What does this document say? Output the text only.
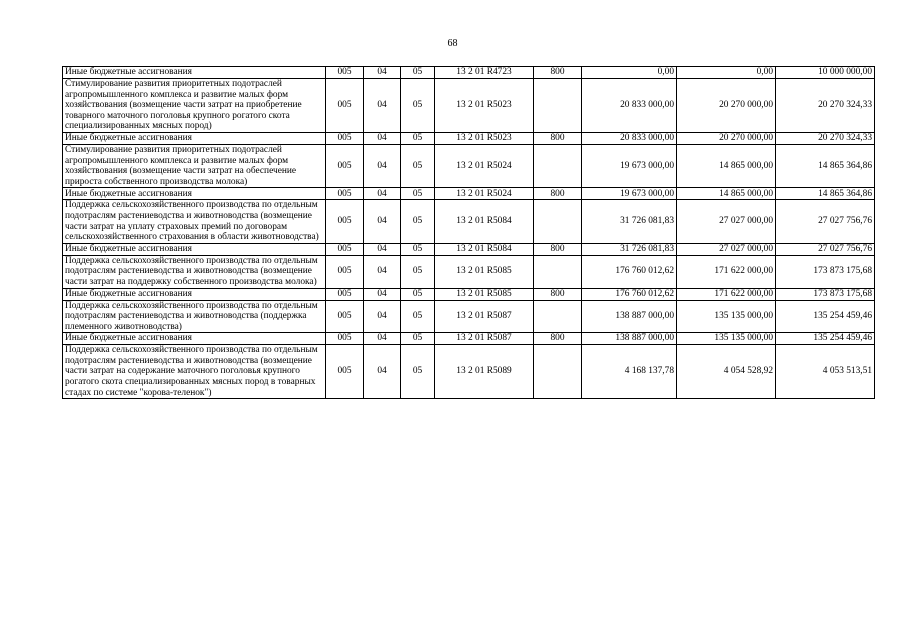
68
Иные бюджетные ассигнования	005	04	05	13 2 01 R4723	800	0,00	0,00	10 000 000,00
Стимулирование развития приоритетных подотраслей агропромышленного комплекса и развитие малых форм хозяйствования (возмещение части затрат на приобретение товарного маточного поголовья крупного рогатого скота специализированных мясных пород)	005	04	05	13 2 01 R5023		20 833 000,00	20 270 000,00	20 270 324,33
Иные бюджетные ассигнования	005	04	05	13 2 01 R5023	800	20 833 000,00	20 270 000,00	20 270 324,33
Стимулирование развития приоритетных подотраслей агропромышленного комплекса и развитие малых форм хозяйствования (возмещение части затрат на обеспечение прироста собственного производства молока)	005	04	05	13 2 01 R5024		19 673 000,00	14 865 000,00	14 865 364,86
Иные бюджетные ассигнования	005	04	05	13 2 01 R5024	800	19 673 000,00	14 865 000,00	14 865 364,86
Поддержка сельскохозяйственного производства по отдельным подотраслям растениеводства и животноводства (возмещение части затрат на уплату страховых премий по договорам сельскохозяйственного страхования в области животноводства)	005	04	05	13 2 01 R5084		31 726 081,83	27 027 000,00	27 027 756,76
Иные бюджетные ассигнования	005	04	05	13 2 01 R5084	800	31 726 081,83	27 027 000,00	27 027 756,76
Поддержка сельскохозяйственного производства по отдельным подотраслям растениеводства и животноводства (возмещение части затрат на поддержку собственного производства молока)	005	04	05	13 2 01 R5085		176 760 012,62	171 622 000,00	173 873 175,68
Иные бюджетные ассигнования	005	04	05	13 2 01 R5085	800	176 760 012,62	171 622 000,00	173 873 175,68
Поддержка сельскохозяйственного производства по отдельным подотраслям растениеводства и животноводства (поддержка племенного животноводства)	005	04	05	13 2 01 R5087		138 887 000,00	135 135 000,00	135 254 459,46
Иные бюджетные ассигнования	005	04	05	13 2 01 R5087	800	138 887 000,00	135 135 000,00	135 254 459,46
Поддержка сельскохозяйственного производства по отдельным подотраслям растениеводства и животноводства (возмещение части затрат на содержание маточного поголовья крупного рогатого скота специализированных мясных пород в товарных стадах по системе "корова-теленок")	005	04	05	13 2 01 R5089		4 168 137,78	4 054 528,92	4 053 513,51
